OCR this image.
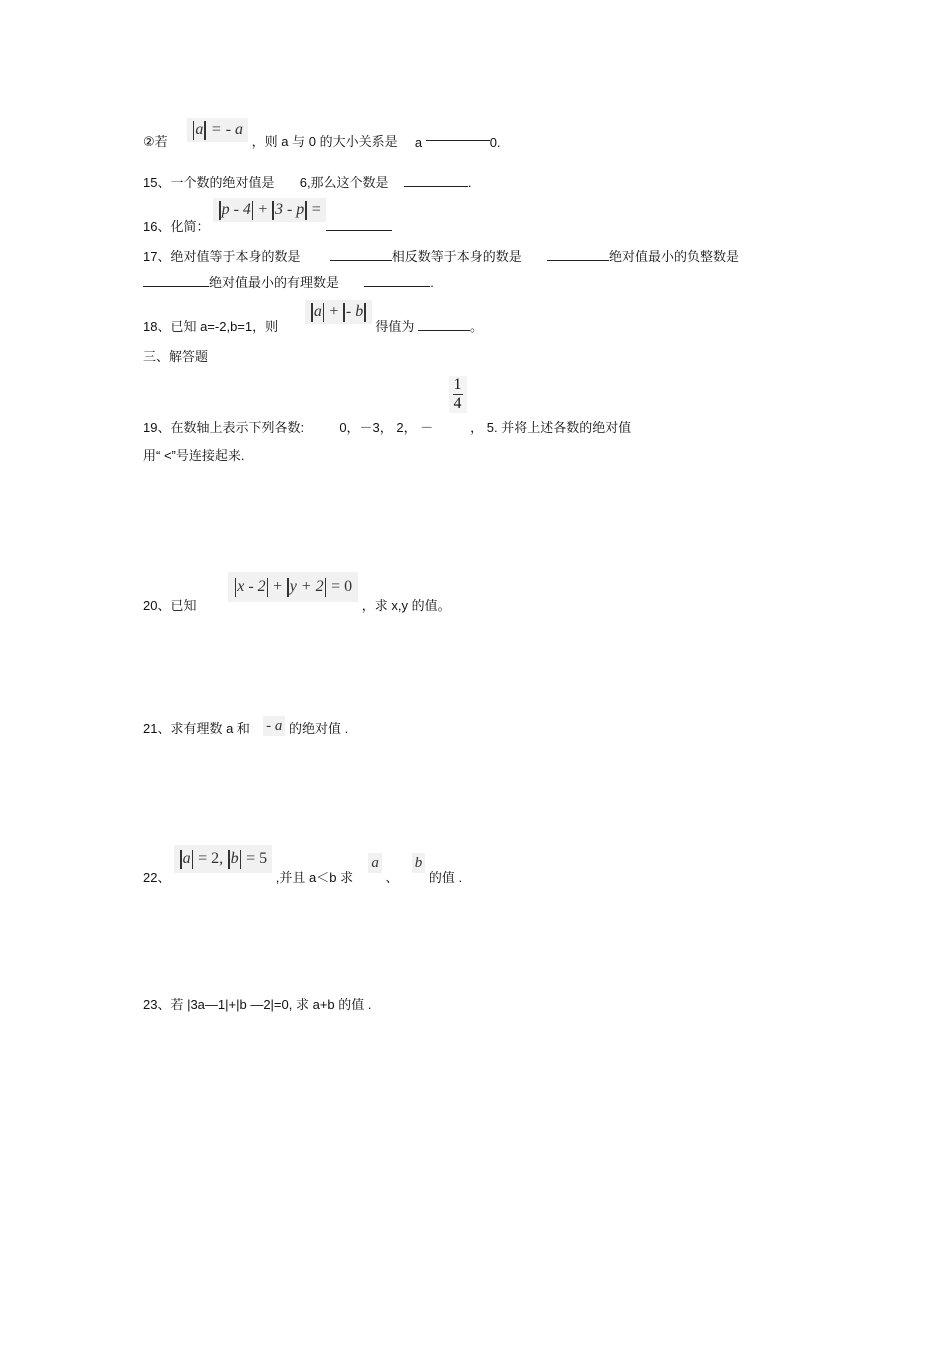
②若  a = - a ，则 a 与 0 的大小关系是 a	0.
15、一个数的绝对值是 6,那么这个数是	.
16、化简： p - 4 + 3 - p =
17、绝对值等于本身的数是	相反数等于本身的数是	绝对值最小的负整数是
绝对值最小的有理数是	.
18、已知 a=-2,b=1，则  a + - b 得值为	。
三、解答题
19、在数轴上表示下列各数:	0，－3， 2， －
$\frac{1}{4}$
， 5. 并将上述各数的绝对值
用“ <”号连接起来.
20、已知  x - 2 + y + 2 = 0 ，求 x,y 的值。
21、求有理数 a 和 - a 的绝对值 .
22、 a = 2, b = 5 ,并且 a＜b 求  a 、  b 的值 .
23、若 |3a—1|+|b —2|=0, 求 a+b 的值 .
